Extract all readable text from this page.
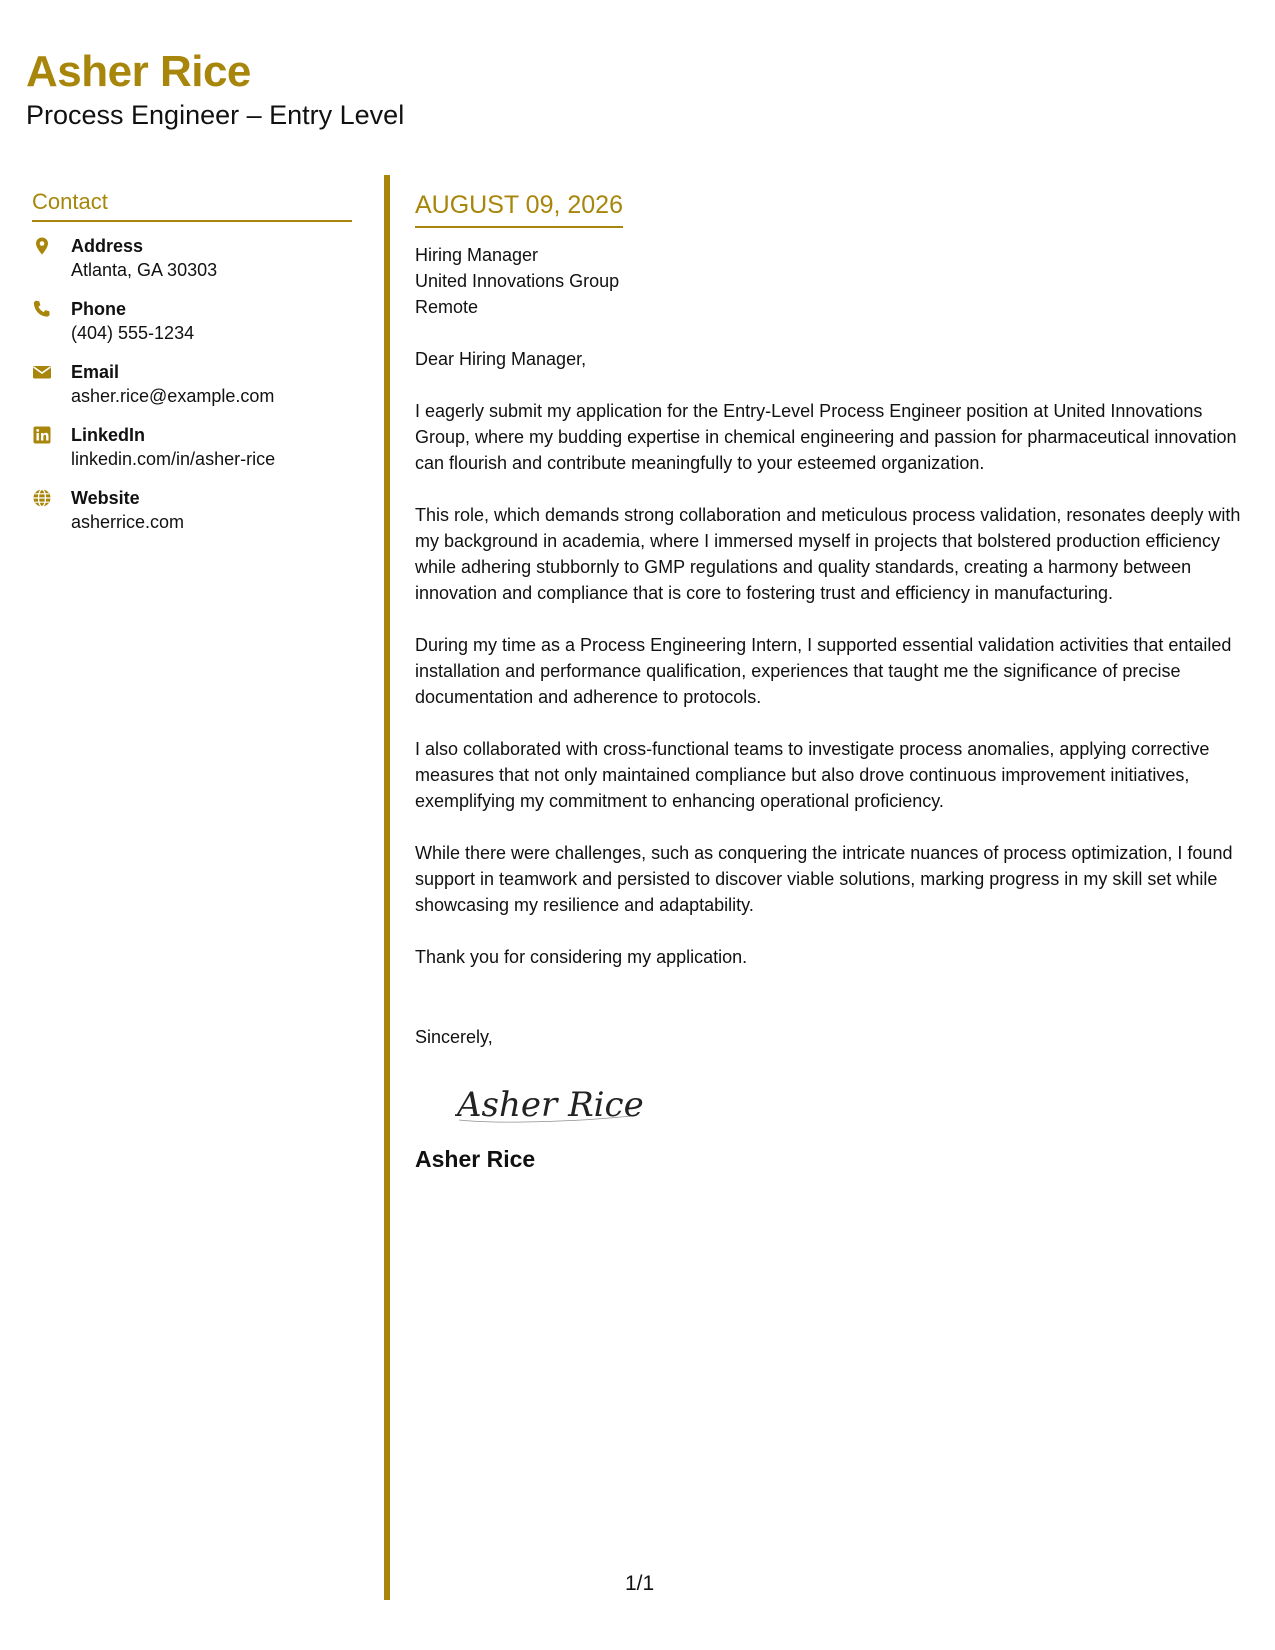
Asher Rice
Process Engineer – Entry Level
Contact
Address
Atlanta, GA 30303
Phone
(404) 555-1234
Email
asher.rice@example.com
LinkedIn
linkedin.com/in/asher-rice
Website
asherrice.com
AUGUST 09, 2026
Hiring Manager
United Innovations Group
Remote
Dear Hiring Manager,
I eagerly submit my application for the Entry-Level Process Engineer position at United Innovations Group, where my budding expertise in chemical engineering and passion for pharmaceutical innovation can flourish and contribute meaningfully to your esteemed organization.
This role, which demands strong collaboration and meticulous process validation, resonates deeply with my background in academia, where I immersed myself in projects that bolstered production efficiency while adhering stubbornly to GMP regulations and quality standards, creating a harmony between innovation and compliance that is core to fostering trust and efficiency in manufacturing.
During my time as a Process Engineering Intern, I supported essential validation activities that entailed installation and performance qualification, experiences that taught me the significance of precise documentation and adherence to protocols.
I also collaborated with cross-functional teams to investigate process anomalies, applying corrective measures that not only maintained compliance but also drove continuous improvement initiatives, exemplifying my commitment to enhancing operational proficiency.
While there were challenges, such as conquering the intricate nuances of process optimization, I found support in teamwork and persisted to discover viable solutions, marking progress in my skill set while showcasing my resilience and adaptability.
Thank you for considering my application.
Sincerely,
Asher Rice
Asher Rice
1/1
